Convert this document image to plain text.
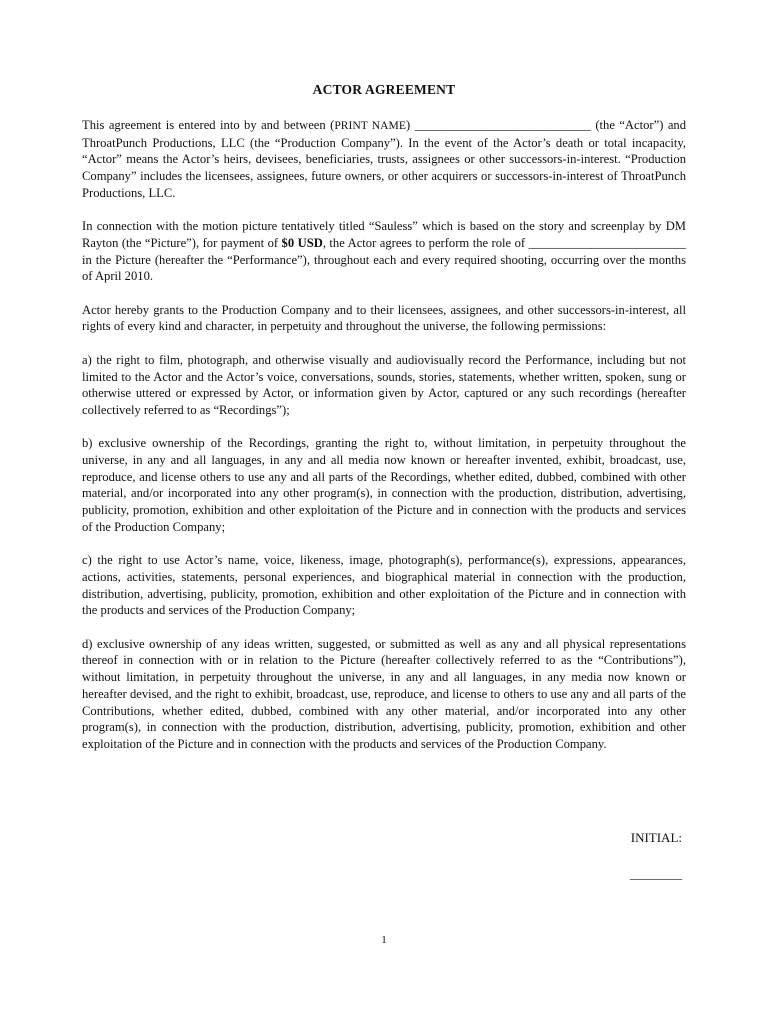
ACTOR AGREEMENT

This agreement is entered into by and between (PRINT NAME) ____________________________ (the “Actor”) and ThroatPunch Productions, LLC (the “Production Company”). In the event of the Actor’s death or total incapacity, “Actor” means the Actor’s heirs, devisees, beneficiaries, trusts, assignees or other successors-in-interest. “Production Company” includes the licensees, assignees, future owners, or other acquirers or successors-in-interest of ThroatPunch Productions, LLC.

In connection with the motion picture tentatively titled “Sauless” which is based on the story and screenplay by DM Rayton (the “Picture”), for payment of $0 USD, the Actor agrees to perform the role of _________________________ in the Picture (hereafter the “Performance”), throughout each and every required shooting, occurring over the months of April 2010.

Actor hereby grants to the Production Company and to their licensees, assignees, and other successors-in-interest, all rights of every kind and character, in perpetuity and throughout the universe, the following permissions:

a) the right to film, photograph, and otherwise visually and audiovisually record the Performance, including but not limited to the Actor and the Actor’s voice, conversations, sounds, stories, statements, whether written, spoken, sung or otherwise uttered or expressed by Actor, or information given by Actor, captured or any such recordings (hereafter collectively referred to as “Recordings”);

b) exclusive ownership of the Recordings, granting the right to, without limitation, in perpetuity throughout the universe, in any and all languages, in any and all media now known or hereafter invented, exhibit, broadcast, use, reproduce, and license others to use any and all parts of the Recordings, whether edited, dubbed, combined with other material, and/or incorporated into any other program(s), in connection with the production, distribution, advertising, publicity, promotion, exhibition and other exploitation of the Picture and in connection with the products and services of the Production Company;

c) the right to use Actor’s name, voice, likeness, image, photograph(s), performance(s), expressions, appearances, actions, activities, statements, personal experiences, and biographical material in connection with the production, distribution, advertising, publicity, promotion, exhibition and other exploitation of the Picture and in connection with the products and services of the Production Company;

d) exclusive ownership of any ideas written, suggested, or submitted as well as any and all physical representations thereof in connection with or in relation to the Picture (hereafter collectively referred to as the “Contributions”), without limitation, in perpetuity throughout the universe, in any and all languages, in any media now known or hereafter devised, and the right to exhibit, broadcast, use, reproduce, and license to others to use any and all parts of the Contributions, whether edited, dubbed, combined with any other material, and/or incorporated into any other program(s), in connection with the production, distribution, advertising, publicity, promotion, exhibition and other exploitation of the Picture and in connection with the products and services of the Production Company.

INITIAL:
________
1
